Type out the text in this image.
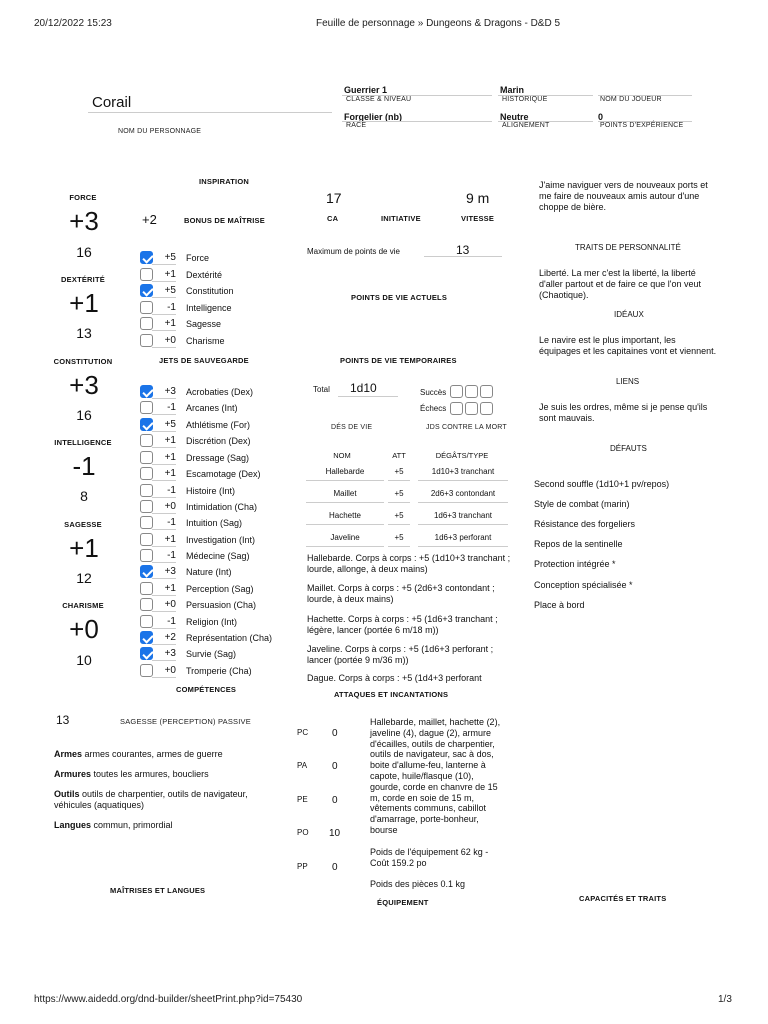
20/12/2022 15:23	Feuille de personnage » Dungeons & Dragons - D&D 5
https://www.aidedd.org/dnd-builder/sheetPrint.php?id=75430	1/3
Corail
NOM DU PERSONNAGE
Guerrier 1
CLASSE & NIVEAU
Marin
HISTORIQUE	NOM DU JOUEUR
Forgelier (nb)
RACE
Neutre
ALIGNEMENT
0
POINTS D'EXPÉRIENCE
FORCE
+3
16
DEXTÉRITÉ
+1
13
CONSTITUTION
+3
16
INTELLIGENCE
-1
8
SAGESSE
+1
12
CHARISME
+0
10
INSPIRATION
+2	BONUS DE MAÎTRISE
+5 Force
+1 Dextérité
+5 Constitution
-1 Intelligence
+1 Sagesse
+0 Charisme
JETS DE SAUVEGARDE
+3 Acrobaties (Dex)
-1 Arcanes (Int)
+5 Athlétisme (For)
+1 Discrétion (Dex)
+1 Dressage (Sag)
+1 Escamotage (Dex)
-1 Histoire (Int)
+0 Intimidation (Cha)
-1 Intuition (Sag)
+1 Investigation (Int)
-1 Médecine (Sag)
+3 Nature (Int)
+1 Perception (Sag)
+0 Persuasion (Cha)
-1 Religion (Int)
+2 Représentation (Cha)
+3 Survie (Sag)
+0 Tromperie (Cha)
COMPÉTENCES
13	SAGESSE (PERCEPTION) PASSIVE
Armes armes courantes, armes de guerre
Armures toutes les armures, boucliers
Outils outils de charpentier, outils de navigateur, véhicules (aquatiques)
Langues commun, primordial
MAÎTRISES ET LANGUES
17	9 m
CA	INITIATIVE	VITESSE
Maximum de points de vie	13
POINTS DE VIE ACTUELS
POINTS DE VIE TEMPORAIRES
Total 1d10
DÉS DE VIE
Succès
Échecs
JDS CONTRE LA MORT
NOM	ATT	DÉGÂTS/TYPE
Hallebarde	+5	1d10+3 tranchant
Maillet	+5	2d6+3 contondant
Hachette	+5	1d6+3 tranchant
Javeline	+5	1d6+3 perforant
Hallebarde. Corps à corps : +5 (1d10+3 tranchant ; lourde, allonge, à deux mains)
Maillet. Corps à corps : +5 (2d6+3 contondant ; lourde, à deux mains)
Hachette. Corps à corps : +5 (1d6+3 tranchant ; légère, lancer (portée 6 m/18 m))
Javeline. Corps à corps : +5 (1d6+3 perforant ; lancer (portée 9 m/36 m))
Dague. Corps à corps : +5 (1d4+3 perforant
ATTAQUES ET INCANTATIONS
PC 0
PA 0
PE 0
PO 10
PP 0
Hallebarde, maillet, hachette (2), javeline (4), dague (2), armure d'écailles, outils de charpentier, outils de navigateur, sac à dos, boite d'allume-feu, lanterne à capote, huile/flasque (10), gourde, corde en chanvre de 15 m, corde en soie de 15 m, vêtements communs, cabillot d'amarrage, porte-bonheur, bourse
Poids de l'équipement 62 kg - Coût 159.2 po
Poids des pièces 0.1 kg
ÉQUIPEMENT
J'aime naviguer vers de nouveaux ports et me faire de nouveaux amis autour d'une choppe de bière.
TRAITS DE PERSONNALITÉ
Liberté. La mer c'est la liberté, la liberté d'aller partout et de faire ce que l'on veut (Chaotique).
IDÉAUX
Le navire est le plus important, les équipages et les capitaines vont et viennent.
LIENS
Je suis les ordres, même si je pense qu'ils sont mauvais.
DÉFAUTS
Second souffle (1d10+1 pv/repos)
Style de combat (marin)
Résistance des forgeliers
Repos de la sentinelle
Protection intégrée *
Conception spécialisée *
Place à bord
CAPACITÉS ET TRAITS
